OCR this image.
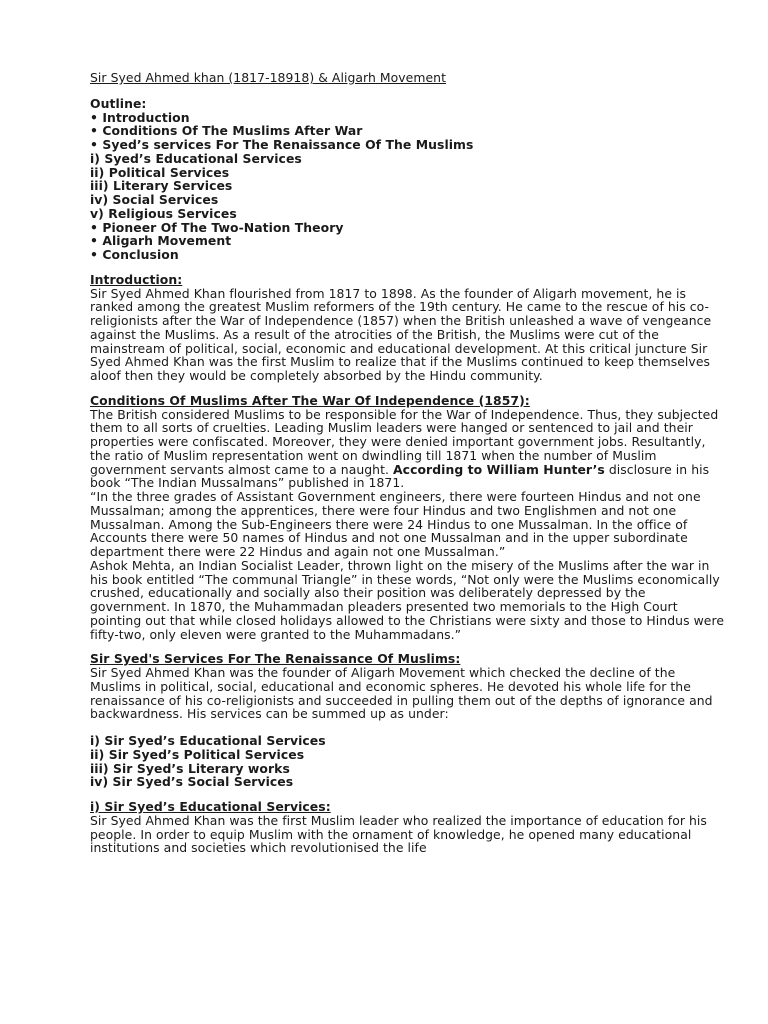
Sir Syed Ahmed khan (1817-18918) & Aligarh Movement
Outline:
• Introduction
• Conditions Of The Muslims After War
• Syed’s services For The Renaissance Of The Muslims
i) Syed’s Educational Services
ii) Political Services
iii) Literary Services
iv) Social Services
v) Religious Services
• Pioneer Of The Two-Nation Theory
• Aligarh Movement
• Conclusion
Introduction:
Sir Syed Ahmed Khan flourished from 1817 to 1898. As the founder of Aligarh movement, he is ranked among the greatest Muslim reformers of the 19th century. He came to the rescue of his co-religionists after the War of Independence (1857) when the British unleashed a wave of vengeance against the Muslims. As a result of the atrocities of the British, the Muslims were cut of the mainstream of political, social, economic and educational development. At this critical juncture Sir Syed Ahmed Khan was the first Muslim to realize that if the Muslims continued to keep themselves aloof then they would be completely absorbed by the Hindu community.
Conditions Of Muslims After The War Of Independence (1857):
The British considered Muslims to be responsible for the War of Independence. Thus, they subjected them to all sorts of cruelties. Leading Muslim leaders were hanged or sentenced to jail and their properties were confiscated. Moreover, they were denied important government jobs. Resultantly, the ratio of Muslim representation went on dwindling till 1871 when the number of Muslim government servants almost came to a naught. According to William Hunter’s disclosure in his book “The Indian Mussalmans” published in 1871.
“In the three grades of Assistant Government engineers, there were fourteen Hindus and not one Mussalman; among the apprentices, there were four Hindus and two Englishmen and not one Mussalman. Among the Sub-Engineers there were 24 Hindus to one Mussalman. In the office of Accounts there were 50 names of Hindus and not one Mussalman and in the upper subordinate department there were 22 Hindus and again not one Mussalman.”
Ashok Mehta, an Indian Socialist Leader, thrown light on the misery of the Muslims after the war in his book entitled “The communal Triangle” in these words, “Not only were the Muslims economically crushed, educationally and socially also their position was deliberately depressed by the government. In 1870, the Muhammadan pleaders presented two memorials to the High Court pointing out that while closed holidays allowed to the Christians were sixty and those to Hindus were fifty-two, only eleven were granted to the Muhammadans.”
Sir Syed's Services For The Renaissance Of Muslims:
Sir Syed Ahmed Khan was the founder of Aligarh Movement which checked the decline of the Muslims in political, social, educational and economic spheres. He devoted his whole life for the renaissance of his co-religionists and succeeded in pulling them out of the depths of ignorance and backwardness. His services can be summed up as under:
i) Sir Syed’s Educational Services
ii) Sir Syed’s Political Services
iii) Sir Syed’s Literary works
iv) Sir Syed’s Social Services
i) Sir Syed’s Educational Services:
Sir Syed Ahmed Khan was the first Muslim leader who realized the importance of education for his people. In order to equip Muslim with the ornament of knowledge, he opened many educational institutions and societies which revolutionised the life
